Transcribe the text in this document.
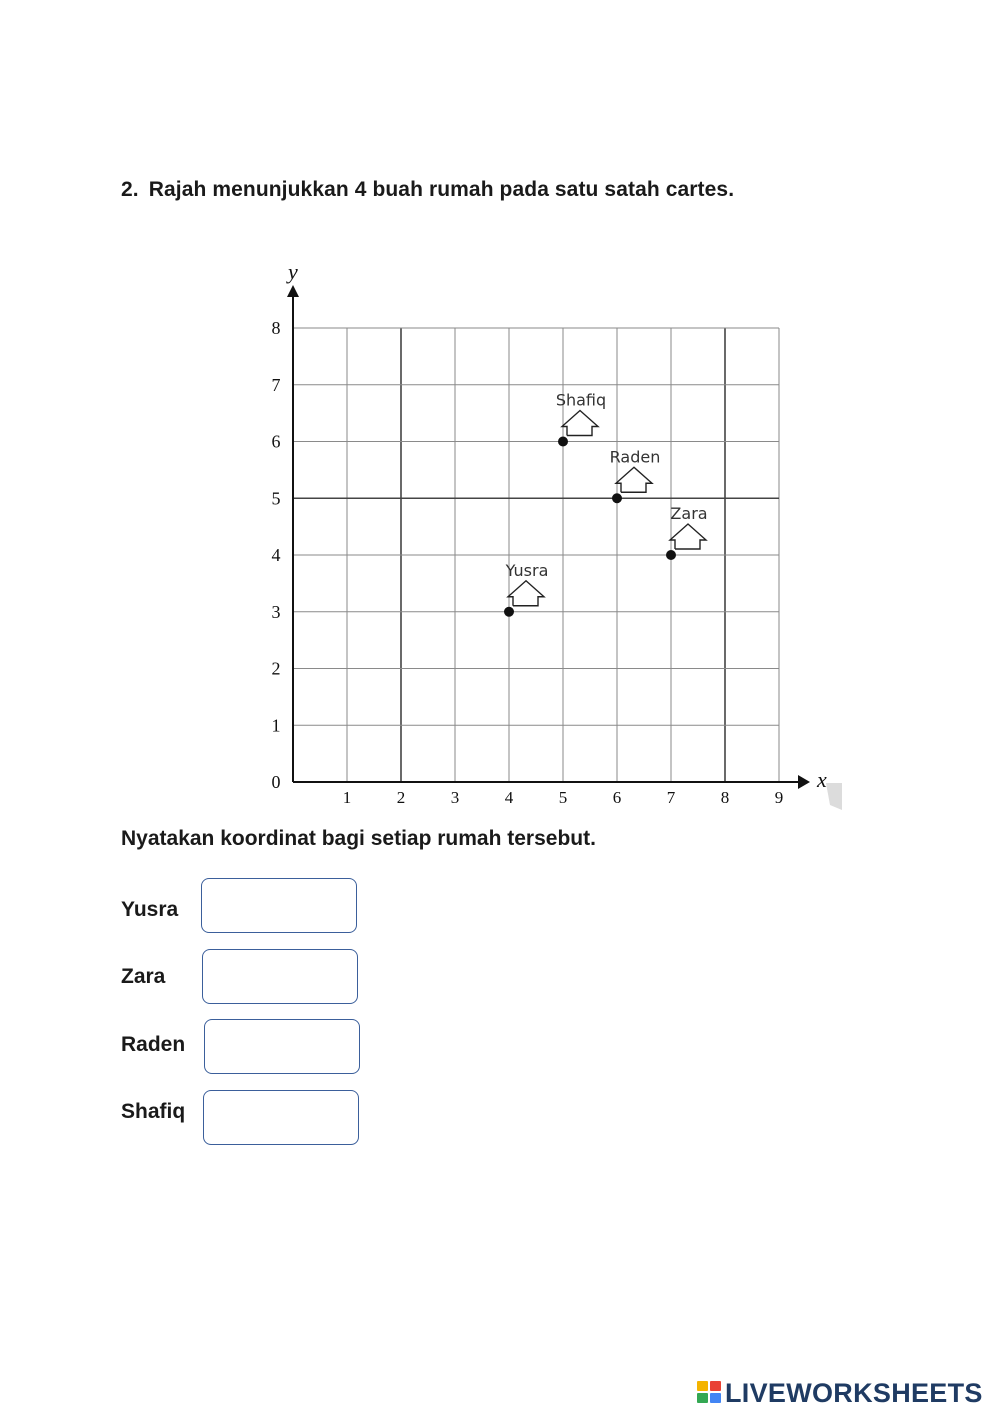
2. Rajah menunjukkan 4 buah rumah pada satu satah cartes.
x
y
1	2	3	4	5	6	7	8	9
0
1
2
3
4
5
6
7
8
Shafiq
Raden
Zara
Yusra
Nyatakan koordinat bagi setiap rumah tersebut.
Yusra
Zara
Raden
Shafiq
LIVEWORKSHEETS
